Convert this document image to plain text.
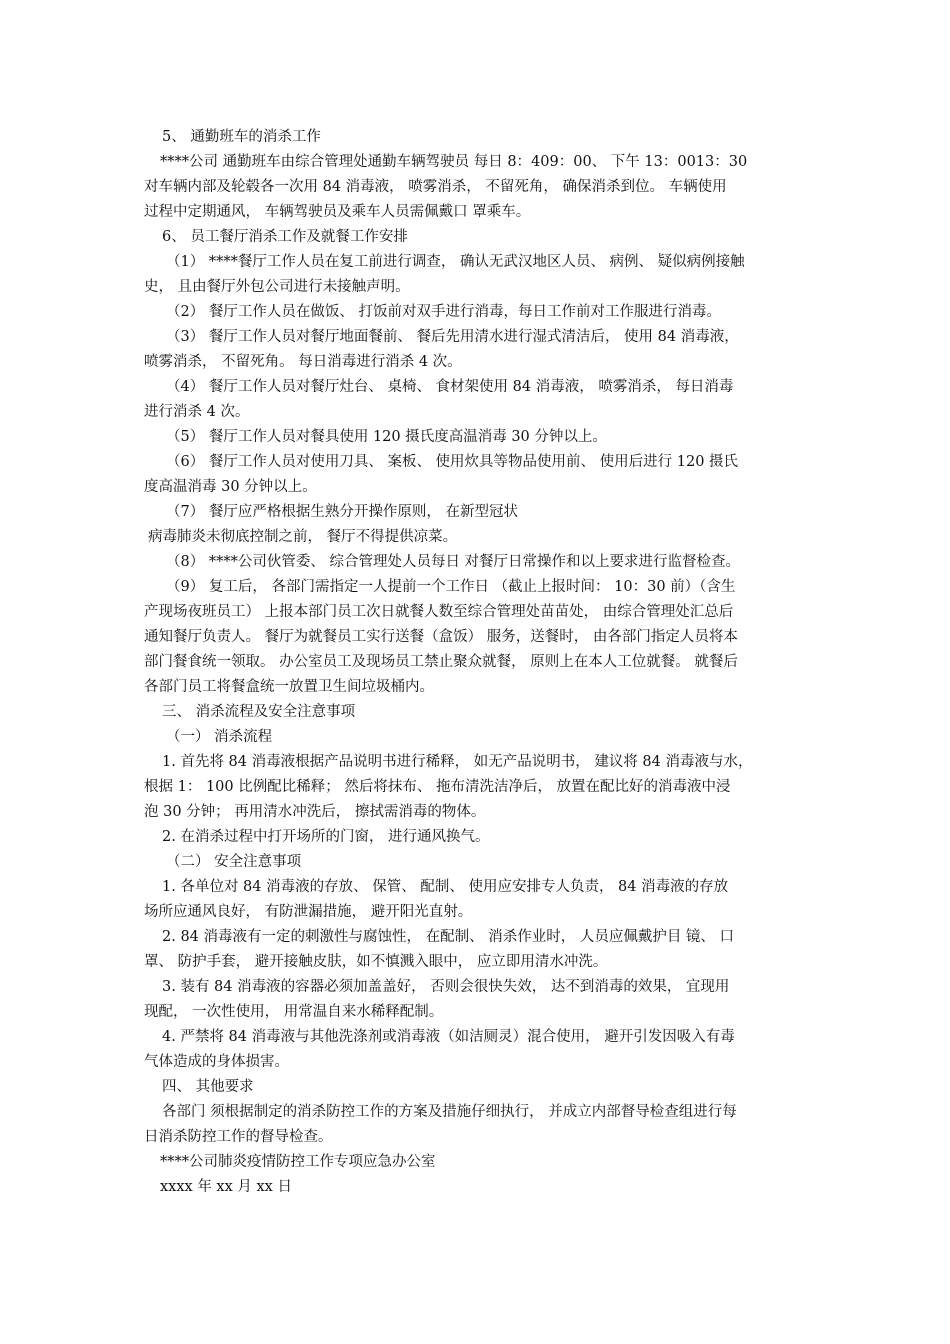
5、 通勤班车的消杀工作
****公司 通勤班车由综合管理处通勤车辆驾驶员 每日 8：409：00、 下午 13：0013：30
对车辆内部及轮毂各一次用 84 消毒液， 喷雾消杀， 不留死角， 确保消杀到位。 车辆使用
过程中定期通风， 车辆驾驶员及乘车人员需佩戴口 罩乘车。
6、 员工餐厅消杀工作及就餐工作安排
（1） ****餐厅工作人员在复工前进行调查， 确认无武汉地区人员、 病例、 疑似病例接触
史， 且由餐厅外包公司进行未接触声明。
（2） 餐厅工作人员在做饭、 打饭前对双手进行消毒，每日工作前对工作服进行消毒。
（3） 餐厅工作人员对餐厅地面餐前、 餐后先用清水进行湿式清洁后， 使用 84 消毒液，
喷雾消杀， 不留死角。 每日消毒进行消杀 4 次。
（4） 餐厅工作人员对餐厅灶台、 桌椅、 食材架使用 84 消毒液， 喷雾消杀， 每日消毒
进行消杀 4 次。
（5） 餐厅工作人员对餐具使用 120 摄氏度高温消毒 30 分钟以上。
（6） 餐厅工作人员对使用刀具、 案板、 使用炊具等物品使用前、 使用后进行 120 摄氏
度高温消毒 30 分钟以上。
（7） 餐厅应严格根据生熟分开操作原则， 在新型冠状
病毒肺炎未彻底控制之前， 餐厅不得提供凉菜。
（8） ****公司伙管委、 综合管理处人员每日 对餐厅日常操作和以上要求进行监督检查。
（9） 复工后， 各部门需指定一人提前一个工作日 （截止上报时间： 10：30 前）（含生
产现场夜班员工） 上报本部门员工次日就餐人数至综合管理处苗苗处， 由综合管理处汇总后
通知餐厅负责人。 餐厅为就餐员工实行送餐（盒饭） 服务，送餐时， 由各部门指定人员将本
部门餐食统一领取。 办公室员工及现场员工禁止聚众就餐， 原则上在本人工位就餐。 就餐后
各部门员工将餐盒统一放置卫生间垃圾桶内。
三、 消杀流程及安全注意事项
（一） 消杀流程
1. 首先将 84 消毒液根据产品说明书进行稀释， 如无产品说明书， 建议将 84 消毒液与水，
根据 1： 100 比例配比稀释； 然后将抹布、 拖布清洗洁净后， 放置在配比好的消毒液中浸
泡 30 分钟； 再用清水冲洗后， 擦拭需消毒的物体。
2. 在消杀过程中打开场所的门窗， 进行通风换气。
（二） 安全注意事项
1. 各单位对 84 消毒液的存放、 保管、 配制、 使用应安排专人负责， 84 消毒液的存放
场所应通风良好， 有防泄漏措施， 避开阳光直射。
2. 84 消毒液有一定的刺激性与腐蚀性， 在配制、 消杀作业时， 人员应佩戴护目 镜、 口
罩、 防护手套， 避开接触皮肤，如不慎溅入眼中， 应立即用清水冲洗。
3. 装有 84 消毒液的容器必须加盖盖好， 否则会很快失效， 达不到消毒的效果， 宜现用
现配， 一次性使用， 用常温自来水稀释配制。
4. 严禁将 84 消毒液与其他洗涤剂或消毒液（如洁厕灵）混合使用， 避开引发因吸入有毒
气体造成的身体损害。
四、 其他要求
各部门 须根据制定的消杀防控工作的方案及措施仔细执行， 并成立内部督导检查组进行每
日消杀防控工作的督导检查。
****公司肺炎疫情防控工作专项应急办公室
xxxx 年 xx 月 xx 日
